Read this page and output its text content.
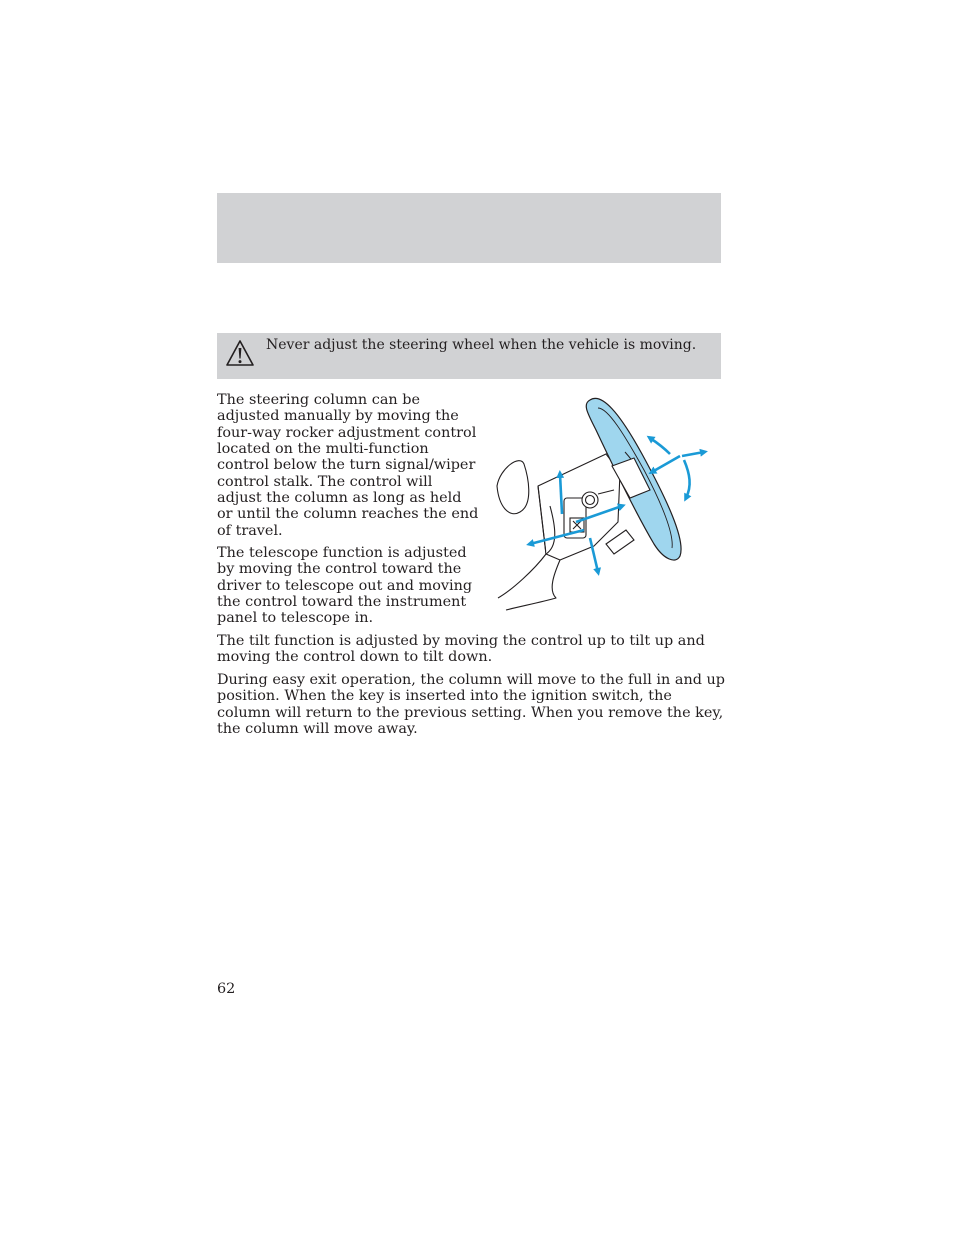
Never adjust the steering wheel when the vehicle is moving.

The steering column can be adjusted manually by moving the four-way rocker adjustment control located on the multi-function control below the turn signal/wiper control stalk. The control will adjust the column as long as held or until the column reaches the end of travel.

The telescope function is adjusted by moving the control toward the driver to telescope out and moving the control toward the instrument panel to telescope in.

The tilt function is adjusted by moving the control up to tilt up and moving the control down to tilt down.

During easy exit operation, the column will move to the full in and up position. When the key is inserted into the ignition switch, the column will return to the previous setting. When you remove the key, the column will move away.

62
